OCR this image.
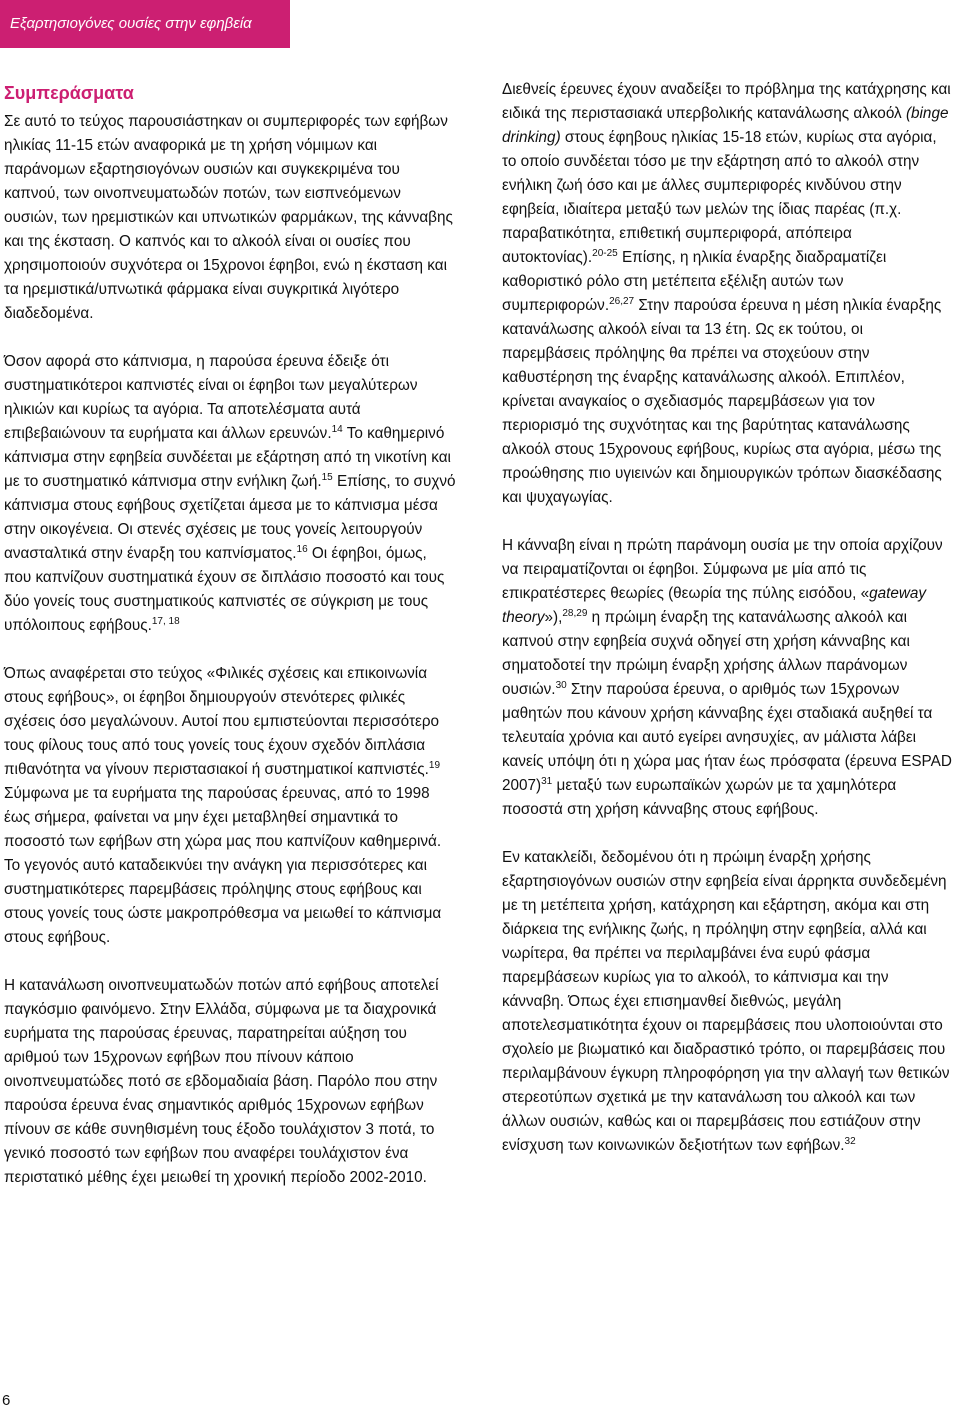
Εξαρτησιογόνες ουσίες στην εφηβεία
Συμπεράσματα

Σε αυτό το τεύχος παρουσιάστηκαν οι συμπεριφορές των εφήβων ηλικίας 11-15 ετών αναφορικά με τη χρήση νόμιμων και παράνομων εξαρτησιογόνων ουσιών και συγκεκριμένα του καπνού, των οινοπνευματωδών ποτών, των εισπνεόμενων ουσιών, των ηρεμιστικών και υπνωτικών φαρμάκων, της κάνναβης και της έκσταση. Ο καπνός και το αλκοόλ είναι οι ουσίες που χρησιμοποιούν συχνότερα οι 15χρονοι έφηβοι, ενώ η έκσταση και τα ηρεμιστικά/υπνωτικά φάρμακα είναι συγκριτικά λιγότερο διαδεδομένα.

Όσον αφορά στο κάπνισμα, η παρούσα έρευνα έδειξε ότι συστηματικότεροι καπνιστές είναι οι έφηβοι των μεγαλύτερων ηλικιών και κυρίως τα αγόρια. Τα αποτελέσματα αυτά επιβεβαιώνουν τα ευρήματα και άλλων ερευνών.$^{14}$ Το καθημερινό κάπνισμα στην εφηβεία συνδέεται με εξάρτηση από τη νικοτίνη και με το συστηματικό κάπνισμα στην ενήλικη ζωή.$^{15}$ Επίσης, το συχνό κάπνισμα στους εφήβους σχετίζεται άμεσα με το κάπνισμα μέσα στην οικογένεια. Οι στενές σχέσεις με τους γονείς λειτουργούν ανασταλτικά στην έναρξη του καπνίσματος.$^{16}$ Οι έφηβοι, όμως, που καπνίζουν συστηματικά έχουν σε διπλάσιο ποσοστό και τους δύο γονείς τους συστηματικούς καπνιστές σε σύγκριση με τους υπόλοιπους εφήβους.$^{17, 18}$

Όπως αναφέρεται στο τεύχος «Φιλικές σχέσεις και επικοινωνία στους εφήβους», οι έφηβοι δημιουργούν στενότερες φιλικές σχέσεις όσο μεγαλώνουν. Αυτοί που εμπιστεύονται περισσότερο τους φίλους τους από τους γονείς τους έχουν σχεδόν διπλάσια πιθανότητα να γίνουν περιστασιακοί ή συστηματικοί καπνιστές.$^{19}$ Σύμφωνα με τα ευρήματα της παρούσας έρευνας, από το 1998 έως σήμερα, φαίνεται να μην έχει μεταβληθεί σημαντικά το ποσοστό των εφήβων στη χώρα μας που καπνίζουν καθημερινά. Το γεγονός αυτό καταδεικνύει την ανάγκη για περισσότερες και συστηματικότερες παρεμβάσεις πρόληψης στους εφήβους και στους γονείς τους ώστε μακροπρόθεσμα να μειωθεί το κάπνισμα στους εφήβους.

Η κατανάλωση οινοπνευματωδών ποτών από εφήβους αποτελεί παγκόσμιο φαινόμενο. Στην Ελλάδα, σύμφωνα με τα διαχρονικά ευρήματα της παρούσας έρευνας, παρατηρείται αύξηση του αριθμού των 15χρονων εφήβων που πίνουν κάποιο οινοπνευματώδες ποτό σε εβδομαδιαία βάση. Παρόλο που στην παρούσα έρευνα ένας σημαντικός αριθμός 15χρονων εφήβων πίνουν σε κάθε συνηθισμένη τους έξοδο τουλάχιστον 3 ποτά, το γενικό ποσοστό των εφήβων που αναφέρει τουλάχιστον ένα περιστατικό μέθης έχει μειωθεί τη χρονική περίοδο 2002-2010.

Διεθνείς έρευνες έχουν αναδείξει το πρόβλημα της κατάχρησης και ειδικά της περιστασιακά υπερβολικής κατανάλωσης αλκοόλ (binge drinking) στους έφηβους ηλικίας 15-18 ετών, κυρίως στα αγόρια, το οποίο συνδέεται τόσο με την εξάρτηση από το αλκοόλ στην ενήλικη ζωή όσο και με άλλες συμπεριφορές κινδύνου στην εφηβεία, ιδιαίτερα μεταξύ των μελών της ίδιας παρέας (π.χ. παραβατικότητα, επιθετική συμπεριφορά, απόπειρα αυτοκτονίας).$^{20-25}$ Επίσης, η ηλικία έναρξης διαδραματίζει καθοριστικό ρόλο στη μετέπειτα εξέλιξη αυτών των συμπεριφορών.$^{26,27}$ Στην παρούσα έρευνα η μέση ηλικία έναρξης κατανάλωσης αλκοόλ είναι τα 13 έτη. Ως εκ τούτου, οι παρεμβάσεις πρόληψης θα πρέπει να στοχεύουν στην καθυστέρηση της έναρξης κατανάλωσης αλκοόλ. Επιπλέον, κρίνεται αναγκαίος ο σχεδιασμός παρεμβάσεων για τον περιορισμό της συχνότητας και της βαρύτητας κατανάλωσης αλκοόλ στους 15χρονους εφήβους, κυρίως στα αγόρια, μέσω της προώθησης πιο υγιεινών και δημιουργικών τρόπων διασκέδασης και ψυχαγωγίας.

Η κάνναβη είναι η πρώτη παράνομη ουσία με την οποία αρχίζουν να πειραματίζονται οι έφηβοι. Σύμφωνα με μία από τις επικρατέστερες θεωρίες (θεωρία της πύλης εισόδου, «gateway theory»),$^{28,29}$ η πρώιμη έναρξη της κατανάλωσης αλκοόλ και καπνού στην εφηβεία συχνά οδηγεί στη χρήση κάνναβης και σηματοδοτεί την πρώιμη έναρξη χρήσης άλλων παράνομων ουσιών.$^{30}$ Στην παρούσα έρευνα, ο αριθμός των 15χρονων μαθητών που κάνουν χρήση κάνναβης έχει σταδιακά αυξηθεί τα τελευταία χρόνια και αυτό εγείρει ανησυχίες, αν μάλιστα λάβει κανείς υπόψη ότι η χώρα μας ήταν έως πρόσφατα (έρευνα ESPAD 2007)$^{31}$ μεταξύ των ευρωπαϊκών χωρών με τα χαμηλότερα ποσοστά στη χρήση κάνναβης στους εφήβους.

Εν κατακλείδι, δεδομένου ότι η πρώιμη έναρξη χρήσης εξαρτησιογόνων ουσιών στην εφηβεία είναι άρρηκτα συνδεδεμένη με τη μετέπειτα χρήση, κατάχρηση και εξάρτηση, ακόμα και στη διάρκεια της ενήλικης ζωής, η πρόληψη στην εφηβεία, αλλά και νωρίτερα, θα πρέπει να περιλαμβάνει ένα ευρύ φάσμα παρεμβάσεων κυρίως για το αλκοόλ, το κάπνισμα και την κάνναβη. Όπως έχει επισημανθεί διεθνώς, μεγάλη αποτελεσματικότητα έχουν οι παρεμβάσεις που υλοποιούνται στο σχολείο με βιωματικό και διαδραστικό τρόπο, οι παρεμβάσεις που περιλαμβάνουν έγκυρη πληροφόρηση για την αλλαγή των θετικών στερεοτύπων σχετικά με την κατανάλωση του αλκοόλ και των άλλων ουσιών, καθώς και οι παρεμβάσεις που εστιάζουν στην ενίσχυση των κοινωνικών δεξιοτήτων των εφήβων.$^{32}$

6
